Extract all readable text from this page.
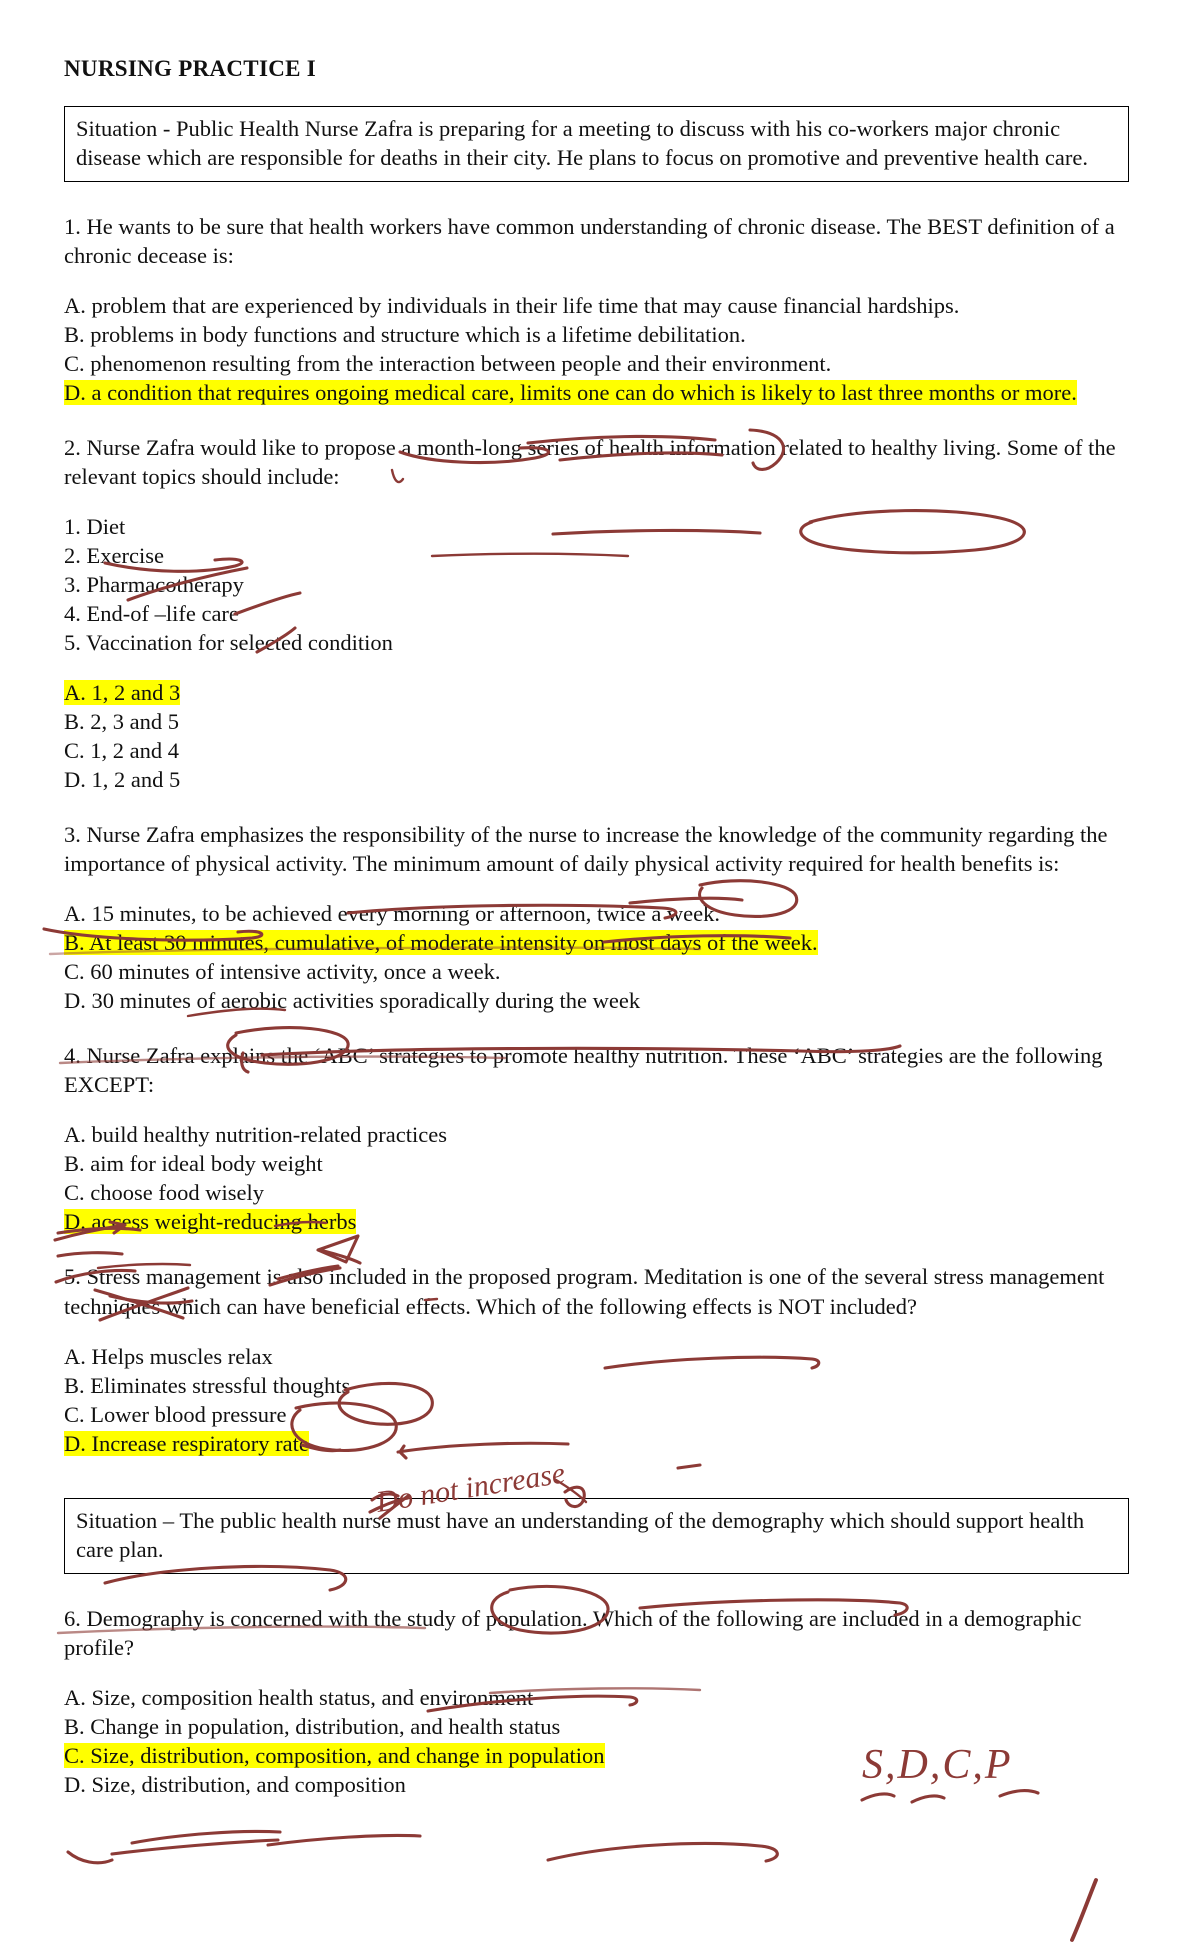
NURSING PRACTICE I
Situation - Public Health Nurse Zafra is preparing for a meeting to discuss with his co-workers major chronic disease which are responsible for deaths in their city. He plans to focus on promotive and preventive health care.

1. He wants to be sure that health workers have common understanding of chronic disease. The BEST definition of a chronic decease is:

A. problem that are experienced by individuals in their life time that may cause financial hardships.
B. problems in body functions and structure which is a lifetime debilitation.
C. phenomenon resulting from the interaction between people and their environment.
D. a condition that requires ongoing medical care, limits one can do which is likely to last three months or more.

2. Nurse Zafra would like to propose a month-long series of health information related to healthy living. Some of the relevant topics should include:

1. Diet
2. Exercise
3. Pharmacotherapy
4. End-of –life care
5. Vaccination for selected condition
A. 1, 2 and 3
B. 2, 3 and 5
C. 1, 2 and 4
D. 1, 2 and 5

3. Nurse Zafra emphasizes the responsibility of the nurse to increase the knowledge of the community regarding the importance of physical activity. The minimum amount of daily physical activity required for health benefits is:

A. 15 minutes, to be achieved every morning or afternoon, twice a week.
B. At least 30 minutes, cumulative, of moderate intensity on most days of the week.
C. 60 minutes of intensive activity, once a week.
D. 30 minutes of aerobic activities sporadically during the week

4. Nurse Zafra explains the ‘ABC’ strategies to promote healthy nutrition. These ‘ABC’ strategies are the following EXCEPT:

A. build healthy nutrition-related practices
B. aim for ideal body weight
C. choose food wisely
D. access weight-reducing herbs

5. Stress management is also included in the proposed program. Meditation is one of the several stress management techniques which can have beneficial effects. Which of the following effects is NOT included?

A. Helps muscles relax
B. Eliminates stressful thoughts
C. Lower blood pressure
D. Increase respiratory rate
Situation – The public health nurse must have an understanding of the demography which should support health care plan.

6. Demography is concerned with the study of population. Which of the following are included in a demographic profile?

A. Size, composition health status, and environment
B. Change in population, distribution, and health status
C. Size, distribution, composition, and change in population
D. Size, distribution, and composition
Do not increase
S,D,C,P
